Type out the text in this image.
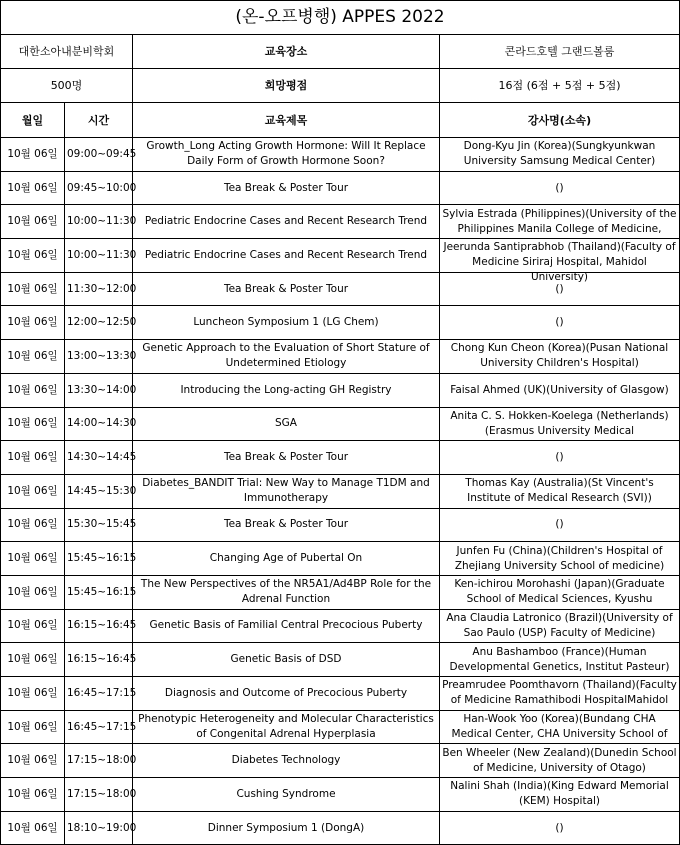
(온-오프병행) APPES 2022			
대한소아내분비학회		교육장소	콘라드호텔 그랜드볼룸
500명		희망평점	16점 (6점 + 5점 + 5점)
월일	시간	교육제목	강사명(소속)
10월 06일	09:00~09:45	Growth_Long Acting Growth Hormone: Will It Replace Daily Form of Growth Hormone Soon?	Dong-Kyu Jin (Korea)(Sungkyunkwan University Samsung Medical Center)

10월 06일	09:45~10:00	Tea Break & Poster Tour	()

10월 06일	10:00~11:30	Pediatric Endocrine Cases and Recent Research Trend	Sylvia Estrada (Philippines)(University of the Philippines Manila College of Medicine,

10월 06일	10:00~11:30	Pediatric Endocrine Cases and Recent Research Trend	Jeerunda Santiprabhob (Thailand)(Faculty of Medicine Siriraj Hospital, Mahidol University)

10월 06일	11:30~12:00	Tea Break & Poster Tour	()

10월 06일	12:00~12:50	Luncheon Symposium 1 (LG Chem)	()

10월 06일	13:00~13:30	Genetic Approach to the Evaluation of Short Stature of Undetermined Etiology	Chong Kun Cheon (Korea)(Pusan National University Children's Hospital)

10월 06일	13:30~14:00	Introducing the Long-acting GH Registry	Faisal Ahmed (UK)(University of Glasgow)

10월 06일	14:00~14:30	SGA	Anita C. S. Hokken-Koelega (Netherlands)(Erasmus University Medical

10월 06일	14:30~14:45	Tea Break & Poster Tour	()

10월 06일	14:45~15:30	Diabetes_BANDIT Trial: New Way to Manage T1DM and Immunotherapy	Thomas Kay (Australia)(St Vincent's Institute of Medical Research (SVI))

10월 06일	15:30~15:45	Tea Break & Poster Tour	()

10월 06일	15:45~16:15	Changing Age of Pubertal On	Junfen Fu (China)(Children's Hospital of Zhejiang University School of medicine)

10월 06일	15:45~16:15	The New Perspectives of the NR5A1/Ad4BP Role for the Adrenal Function	Ken-ichirou Morohashi (Japan)(Graduate School of Medical Sciences, Kyushu

10월 06일	16:15~16:45	Genetic Basis of Familial Central Precocious Puberty	Ana Claudia Latronico (Brazil)(University of Sao Paulo (USP) Faculty of Medicine)

10월 06일	16:15~16:45	Genetic Basis of DSD	Anu Bashamboo (France)(Human Developmental Genetics, Institut Pasteur)

10월 06일	16:45~17:15	Diagnosis and Outcome of Precocious Puberty	Preamrudee Poomthavorn (Thailand)(Faculty of Medicine Ramathibodi HospitalMahidol

10월 06일	16:45~17:15	Phenotypic Heterogeneity and Molecular Characteristics of Congenital Adrenal Hyperplasia	Han-Wook Yoo (Korea)(Bundang CHA Medical Center, CHA University School of

10월 06일	17:15~18:00	Diabetes Technology	Ben Wheeler (New Zealand)(Dunedin School of Medicine, University of Otago)

10월 06일	17:15~18:00	Cushing Syndrome	Nalini Shah (India)(King Edward Memorial (KEM) Hospital)

10월 06일	18:10~19:00	Dinner Symposium 1 (DongA)	()
